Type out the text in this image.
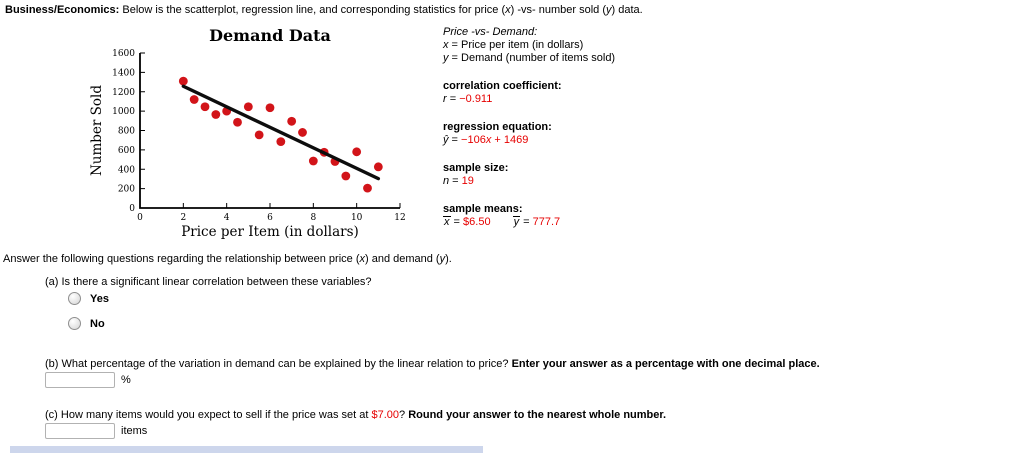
Business/Economics: Below is the scatterplot, regression line, and corresponding statistics for price (x) -vs- number sold (y) data.
0
200
400
600
800
1000
1200
1400
1600
0	2	4	6	8	10	12
Demand Data
Price per Item (in dollars)
Number Sold
Price -vs- Demand:
x = Price per item (in dollars)
y = Demand (number of items sold)
correlation coefficient:
r = −0.911
regression equation:
ŷ = −106x + 1469
sample size:
n = 19
sample means:
x = $6.50 y = 777.7
Answer the following questions regarding the relationship between price (x) and demand (y).
(a) Is there a significant linear correlation between these variables?
Yes
No
(b) What percentage of the variation in demand can be explained by the linear relation to price? Enter your answer as a percentage with one decimal place.
%
(c) How many items would you expect to sell if the price was set at $7.00? Round your answer to the nearest whole number.
items
